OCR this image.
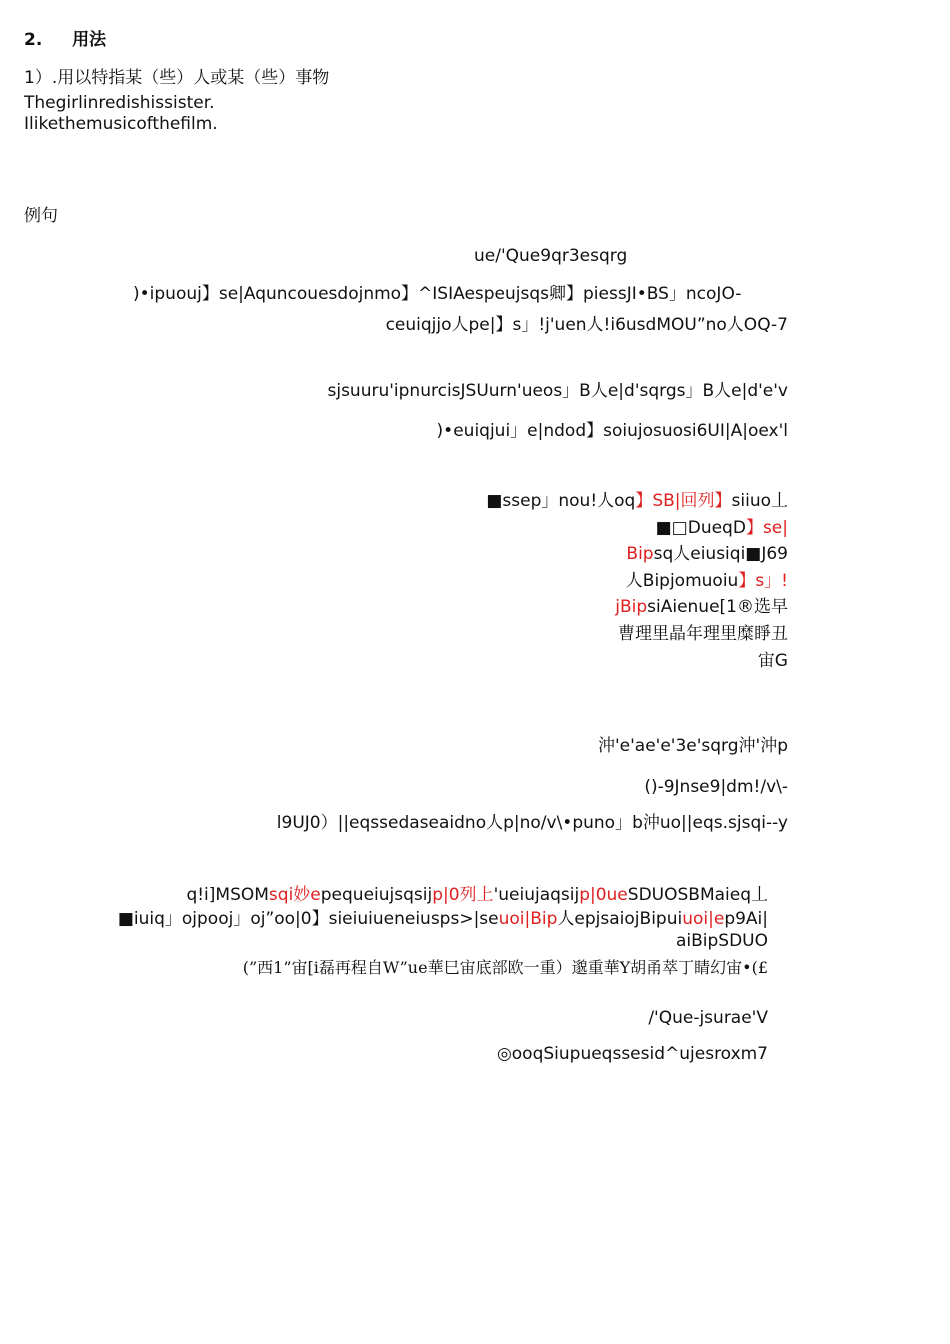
2. 用法
1）.用以特指某（些）人或某（些）事物
Thegirlinredishissister.
Ilikethemusicofthefilm.
例句
ue/'Que9qr3esqrg
)•ipuouj】se|Aquncouesdojnmo】^ISIAespeujsqs卿】piessJI•BS」ncoJO-
ceuiqjjo人pe|】s」!j'uen人!i6usdMOU”no人OQ-7
sjsuuru'ipnurcisJSUurn'ueos」B人e|d'sqrgs」B人e|d'e'v
)•euiqjui」e|ndod】soiujosuosi6UI|A|oex'l
■ssep」nou!人oq】SB|回列】siiuo丄
■□DueqD】se|
Bipsq人eiusiqi■J69
人Bipjomuoiu】s」!
jBipsiAienue[1®选早
曹理里晶年理里糜睜丑
宙G
沖'e'ae'e'3e'sqrg沖'沖p
()-9Jnse9|dm!/v\-
l9UJ0）||eqssedaseaidno人p|no/v\•puno」b沖uo||eqs.sjsqi--y
q!i]MSOMsqi妙epequeiujsqsijp|0列上'ueiujaqsijp|0ueSDUOSBMaieq丄
■iuiq」ojpooj」oj”oo|0】sieiuiueneiusps>|seuoi|Bip人epjsaiojBipuiuoi|ep9Ai|
aiBipSDUO
(”西1”宙[i磊再程自W”ue華巳宙底部欧一重）邈重華Y胡甬萃丁睛幻宙•(£
/'Que-jsurae'V
◎ooqSiupueqssesid^ujesroxm7
